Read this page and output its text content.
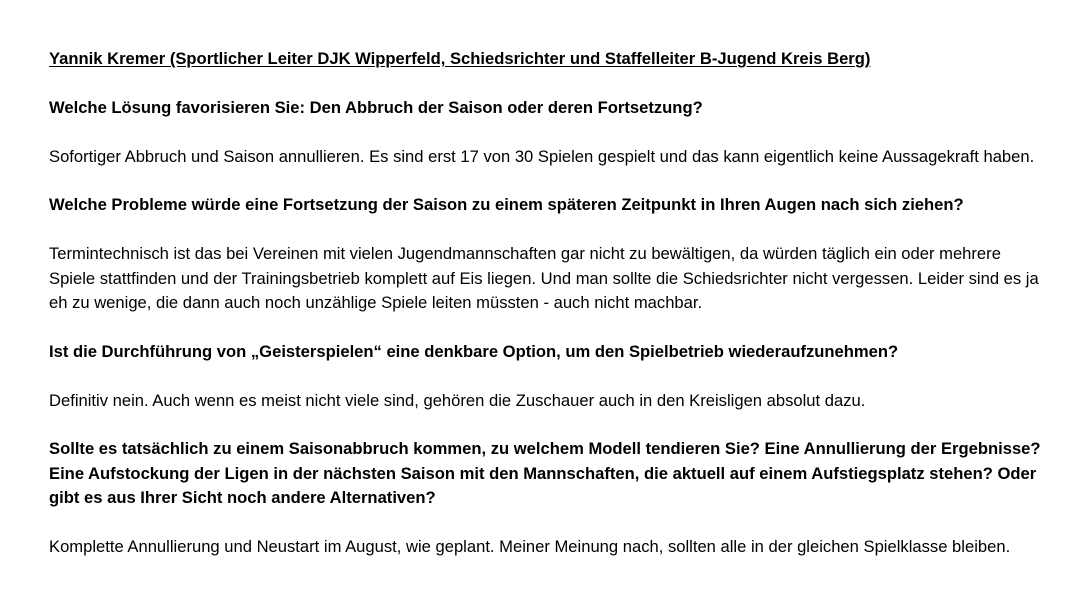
Yannik Kremer (Sportlicher Leiter DJK Wipperfeld, Schiedsrichter und Staffelleiter B-Jugend Kreis Berg)

Welche Lösung favorisieren Sie: Den Abbruch der Saison oder deren Fortsetzung?

Sofortiger Abbruch und Saison annullieren. Es sind erst 17 von 30 Spielen gespielt und das kann eigentlich keine Aussagekraft haben.

Welche Probleme würde eine Fortsetzung der Saison zu einem späteren Zeitpunkt in Ihren Augen nach sich ziehen?

Termintechnisch ist das bei Vereinen mit vielen Jugendmannschaften gar nicht zu bewältigen, da würden täglich ein oder mehrere Spiele stattfinden und der Trainingsbetrieb komplett auf Eis liegen. Und man sollte die Schiedsrichter nicht vergessen. Leider sind es ja eh zu wenige, die dann auch noch unzählige Spiele leiten müssten - auch nicht machbar.

Ist die Durchführung von „Geisterspielen“ eine denkbare Option, um den Spielbetrieb wiederaufzunehmen?

Definitiv nein. Auch wenn es meist nicht viele sind, gehören die Zuschauer auch in den Kreisligen absolut dazu.

Sollte es tatsächlich zu einem Saisonabbruch kommen, zu welchem Modell tendieren Sie? Eine Annullierung der Ergebnisse? Eine Aufstockung der Ligen in der nächsten Saison mit den Mannschaften, die aktuell auf einem Aufstiegsplatz stehen? Oder gibt es aus Ihrer Sicht noch andere Alternativen?

Komplette Annullierung und Neustart im August, wie geplant. Meiner Meinung nach, sollten alle in der gleichen Spielklasse bleiben.
